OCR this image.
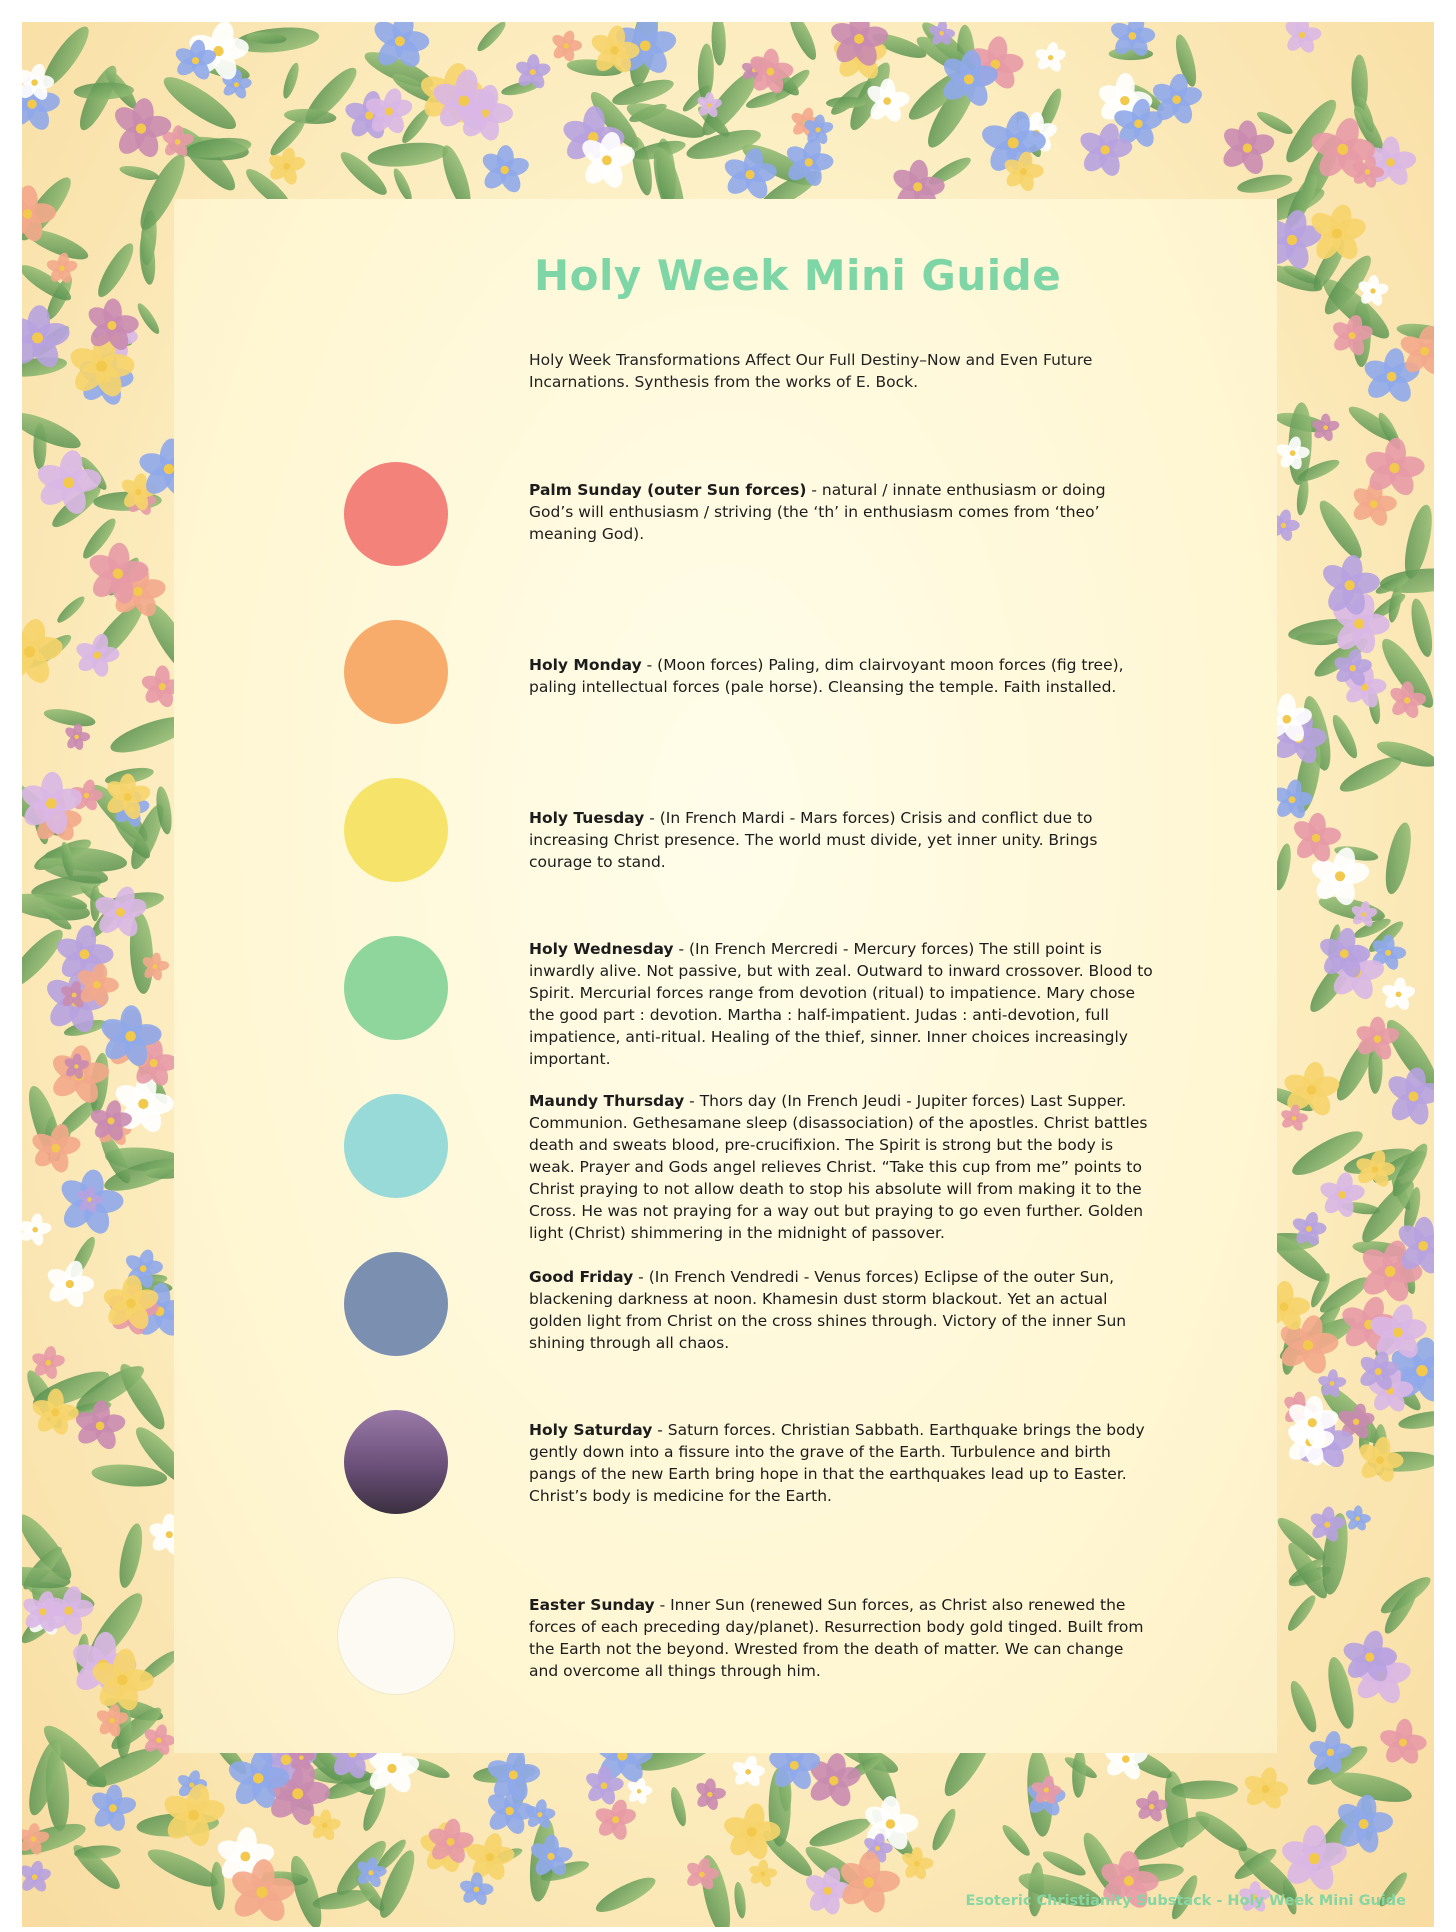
Holy Week Mini Guide

Holy Week Transformations Affect Our Full Destiny–Now and Even Future Incarnations. Synthesis from the works of E. Bock.

Palm Sunday (outer Sun forces) - natural / innate enthusiasm or doing God’s will enthusiasm / striving (the ‘th’ in enthusiasm comes from ‘theo’ meaning God).

Holy Monday - (Moon forces) Paling, dim clairvoyant moon forces (fig tree), paling intellectual forces (pale horse). Cleansing the temple. Faith installed.

Holy Tuesday - (In French Mardi - Mars forces) Crisis and conflict due to increasing Christ presence. The world must divide, yet inner unity. Brings courage to stand.

Holy Wednesday - (In French Mercredi - Mercury forces) The still point is inwardly alive. Not passive, but with zeal. Outward to inward crossover. Blood to Spirit. Mercurial forces range from devotion (ritual) to impatience. Mary chose the good part : devotion. Martha : half-impatient. Judas : anti-devotion, full impatience, anti-ritual. Healing of the thief, sinner. Inner choices increasingly important.

Maundy Thursday - Thors day (In French Jeudi - Jupiter forces) Last Supper. Communion. Gethesamane sleep (disassociation) of the apostles. Christ battles death and sweats blood, pre-crucifixion. The Spirit is strong but the body is weak. Prayer and Gods angel relieves Christ. “Take this cup from me” points to Christ praying to not allow death to stop his absolute will from making it to the Cross. He was not praying for a way out but praying to go even further. Golden light (Christ) shimmering in the midnight of passover.

Good Friday - (In French Vendredi - Venus forces) Eclipse of the outer Sun, blackening darkness at noon. Khamesin dust storm blackout. Yet an actual golden light from Christ on the cross shines through. Victory of the inner Sun shining through all chaos.

Holy Saturday - Saturn forces. Christian Sabbath. Earthquake brings the body gently down into a fissure into the grave of the Earth. Turbulence and birth pangs of the new Earth bring hope in that the earthquakes lead up to Easter. Christ’s body is medicine for the Earth.

Easter Sunday - Inner Sun (renewed Sun forces, as Christ also renewed the forces of each preceding day/planet). Resurrection body gold tinged. Built from the Earth not the beyond. Wrested from the death of matter. We can change and overcome all things through him.

Esoteric Christianity Substack - Holy Week Mini Guide
